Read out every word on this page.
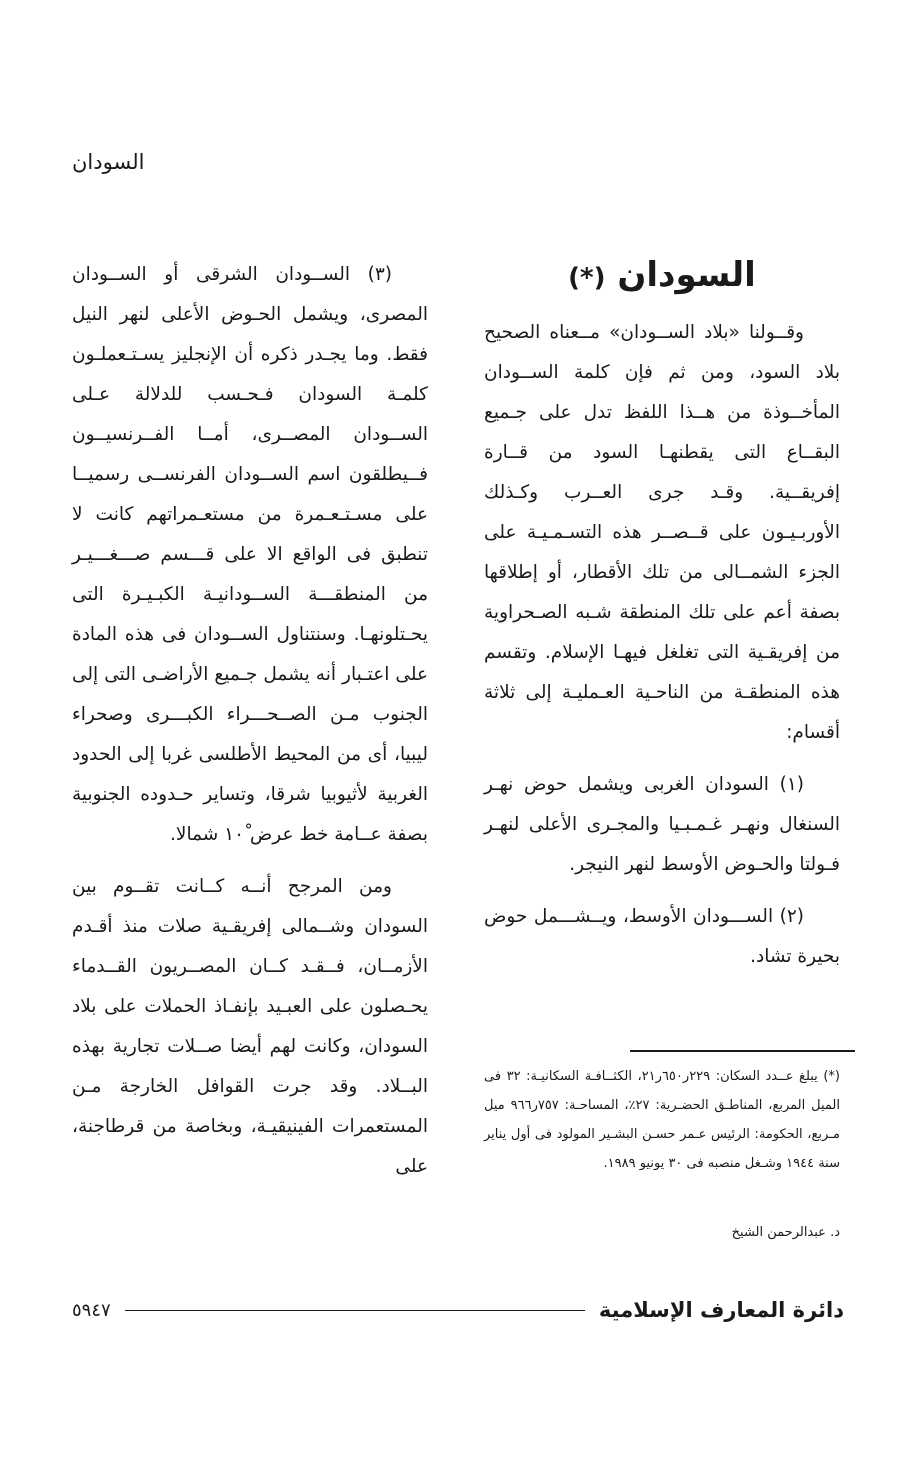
السودان

السودان (*)

وقــولنا «بلاد الســودان» مــعناه الصحيح بلاد السود، ومن ثم فإن كلمة الســودان المأخــوذة من هــذا اللفظ تدل على جـميع البقــاع التى يقطنهـا السود من قــارة إفريقــية. وقـد جرى العــرب وكـذلك الأوربـيـون على قــصــر هذه التسـمـيـة على الجزء الشمــالى من تلك الأقطار، أو إطلاقها بصفة أعم على تلك المنطقة شـبه الصـحراوية من إفريقـية التى تغلغل فيهـا الإسلام. وتقسم هذه المنطقـة من الناحـية العـمليـة إلى ثلاثة أقسام:

(١) السودان الغربى ويشمل حوض نهـر السنغال ونهـر غـمـبـيا والمجـرى الأعلى لنهـر فـولتا والحـوض الأوسط لنهر النيجر.

(٢) الســـودان الأوسط، ويــشـــمل حوض بحيرة تشاد.

(٣) الســودان الشرقى أو الســودان المصرى، ويشمل الحـوض الأعلى لنهر النيل فقط. وما يجـدر ذكره أن الإنجليز يسـتـعملـون كلمـة السودان فـحـسب للدلالة عـلى الســودان المصــرى، أمــا الفــرنسيــون فــيطلقون اسم الســودان الفرنســى رسميــا على مسـتـعـمرة من مستعـمراتهم كانت لا تنطبق فى الواقع الا على قـــسم صـــغـــيـر من المنطقـــة الســودانيـة الكبـيـرة التى يحـتلونهـا. وسنتناول الســودان فى هذه المادة على اعتـبار أنه يشمل جـميع الأراضـى التى إلى الجنوب مـن الصــحـــراء الكبـــرى وصحراء ليبيا، أى من المحيط الأطلسى غربا إلى الحدود الغربية لأثيوبيا شرقا، وتساير حـدوده الجنوبية بصفة عــامة خط عرض ١٠ْ شمالا.

ومن المرجح أنــه كــانت تقــوم بين السودان وشــمالى إفريقـية صلات منذ أقـدم الأزمــان، فــقـد كــان المصــريون القــدماء يحـصلون على العبـيد بإنفـاذ الحملات على بلاد السودان، وكانت لهم أيضا صــلات تجارية بهذه البــلاد. وقد جرت القوافل الخارجة مـن المستعمرات الفينيقيـة، وبخاصة من قرطاجنة، على

(*) يبلغ عــدد السكان: ٢٢٩ر٦٥٠ر٢١، الكثــافـة السكانيـة: ٣٢ فى الميل المربع، المناطـق الحضـرية: ٢٧٪، المساحـة: ٧٥٧ر٩٦٦ ميل مـربع، الحكومة: الرئيس عـمر حسـن البشـير المولود فى أول يناير سنة ١٩٤٤ وشـغل منصبه فى ٣٠ يونيو ١٩٨٩.
د. عبدالرحمن الشيخ
دائرة المعارف الإسلامية
٥٩٤٧
